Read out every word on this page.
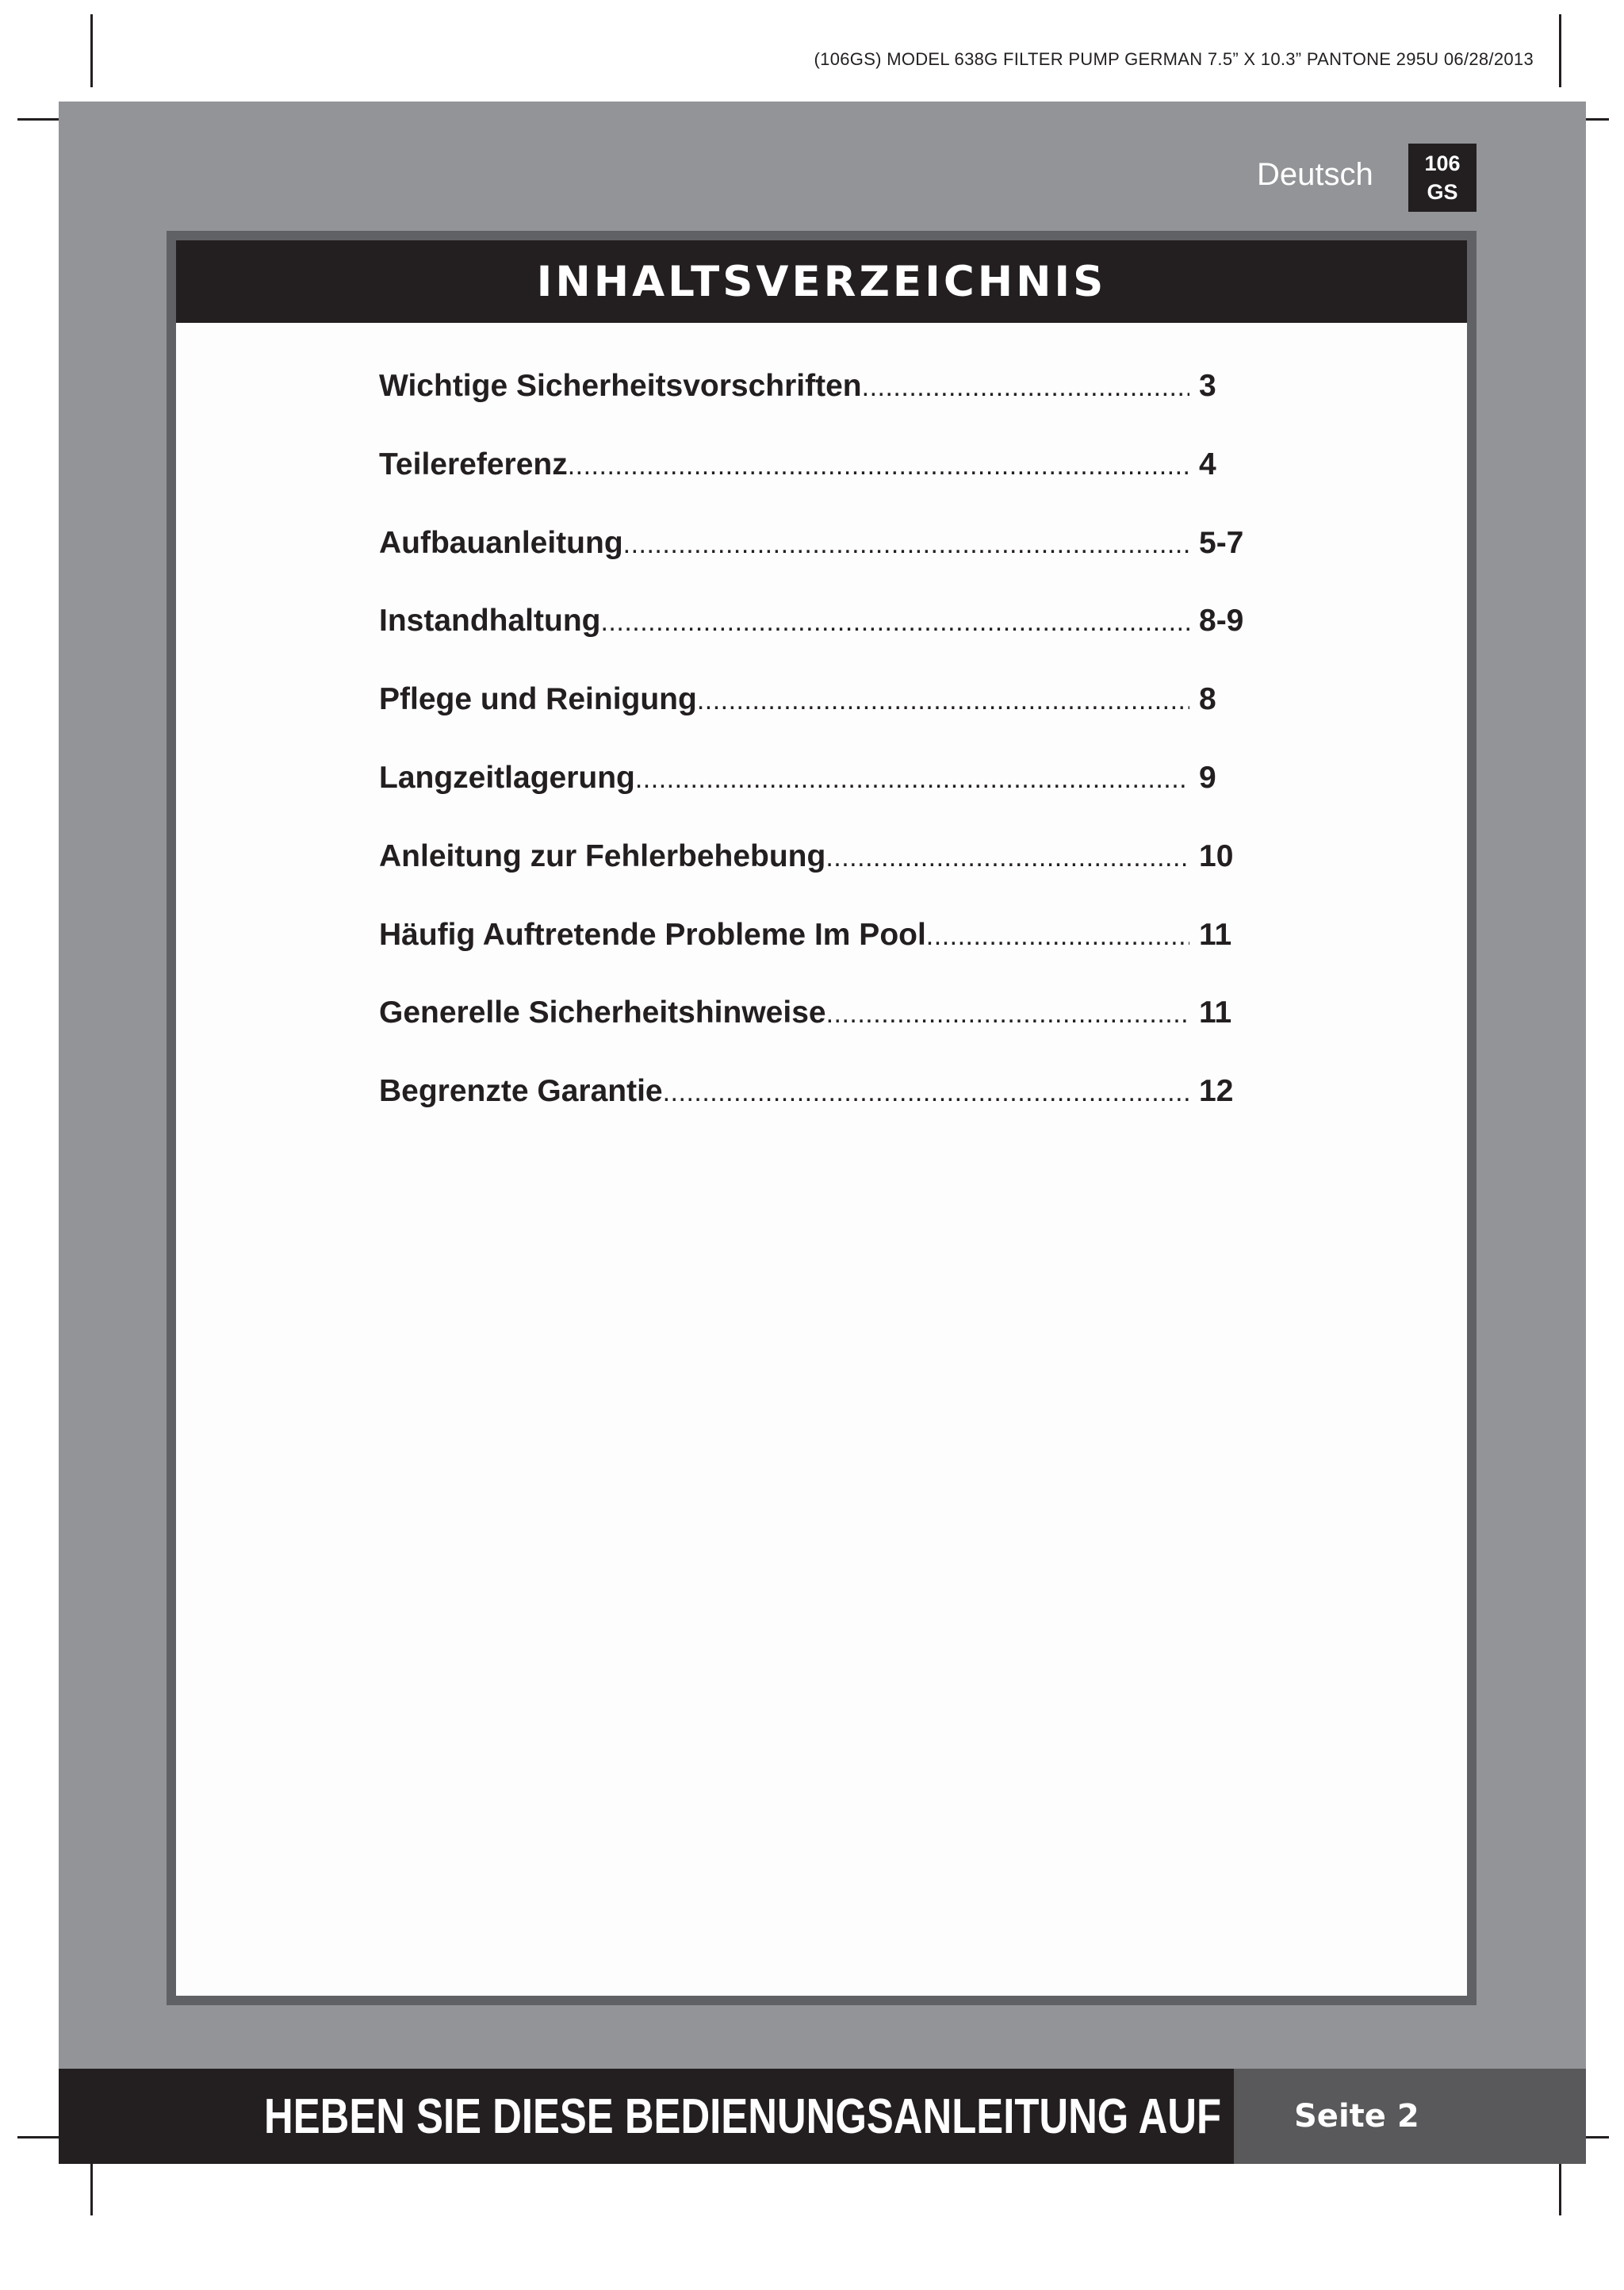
(106GS) MODEL 638G FILTER PUMP GERMAN 7.5” X 10.3” PANTONE 295U 06/28/2013
Deutsch	106
GS
INHALTSVERZEICHNIS
Wichtige Sicherheitsvorschriften .....	3
Teilereferenz .....	4
Aufbauanleitung .....	5-7
Instandhaltung .....	8-9
Pflege und Reinigung .....	8
Langzeitlagerung .....	9
Anleitung zur Fehlerbehebung .....	10
Häufig Auftretende Probleme Im Pool .....	11
Generelle Sicherheitshinweise .....	11
Begrenzte Garantie .....	12
HEBEN SIE DIESE BEDIENUNGSANLEITUNG AUF	Seite 2
